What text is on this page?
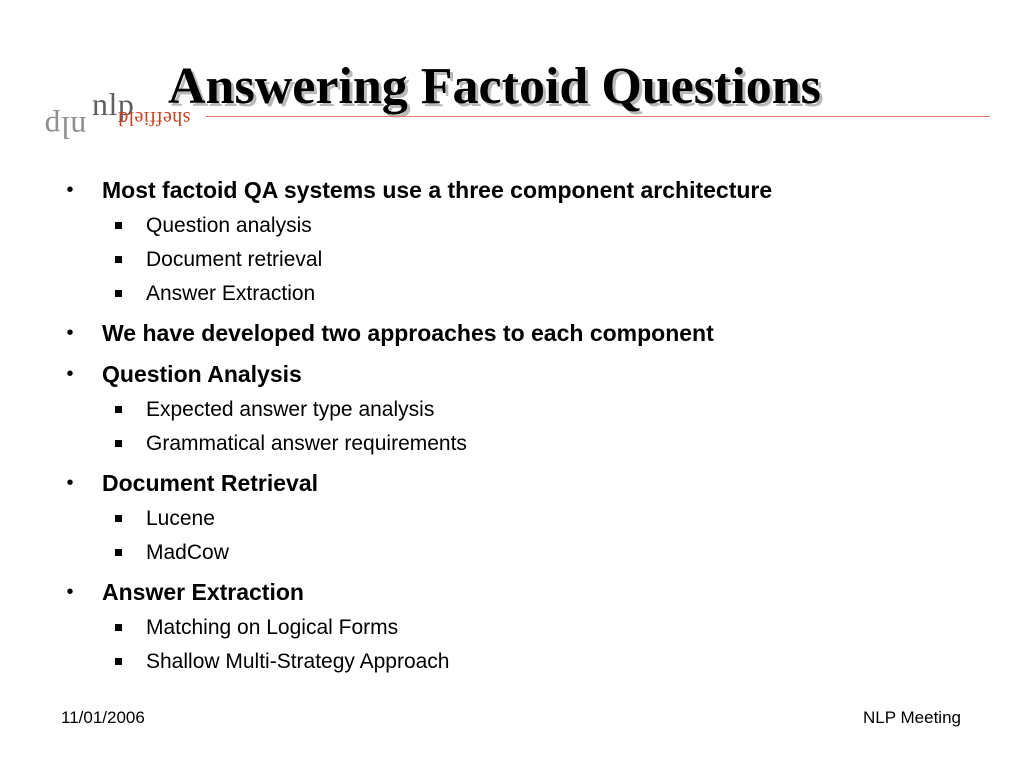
nlp
nlp sheffield
Answering Factoid Questions
• Most factoid QA systems use a three component architecture
Question analysis
Document retrieval
Answer Extraction
• We have developed two approaches to each component
• Question Analysis
Expected answer type analysis
Grammatical answer requirements
• Document Retrieval
Lucene
MadCow
• Answer Extraction
Matching on Logical Forms
Shallow Multi-Strategy Approach
11/01/2006	NLP Meeting
